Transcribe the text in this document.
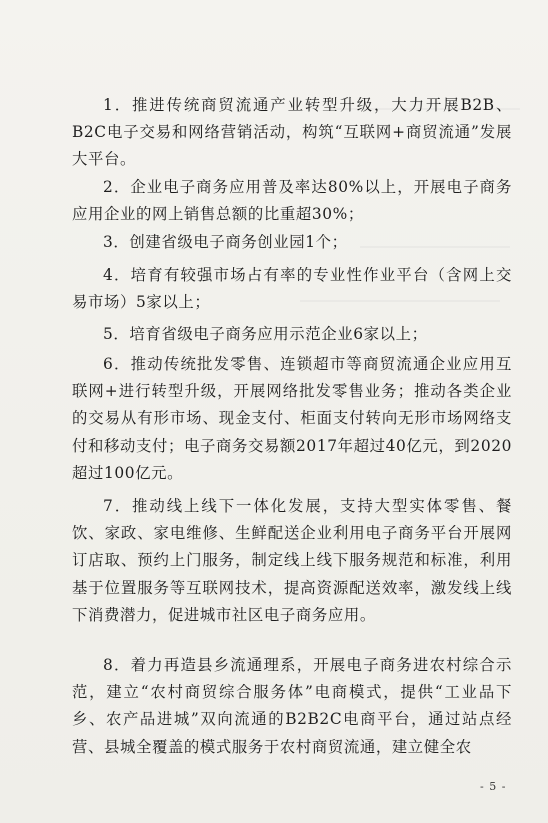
1．推进传统商贸流通产业转型升级，大力开展B2B、B2C电子交易和网络营销活动，构筑“互联网+商贸流通”发展大平台。

2．企业电子商务应用普及率达80%以上，开展电子商务应用企业的网上销售总额的比重超30%；

3．创建省级电子商务创业园1个；

4．培育有较强市场占有率的专业性作业平台（含网上交易市场）5家以上；

5．培育省级电子商务应用示范企业6家以上；

6．推动传统批发零售、连锁超市等商贸流通企业应用互联网+进行转型升级，开展网络批发零售业务；推动各类企业的交易从有形市场、现金支付、柜面支付转向无形市场网络支付和移动支付；电子商务交易额2017年超过40亿元，到2020超过100亿元。

7．推动线上线下一体化发展，支持大型实体零售、餐饮、家政、家电维修、生鲜配送企业利用电子商务平台开展网订店取、预约上门服务，制定线上线下服务规范和标准，利用基于位置服务等互联网技术，提高资源配送效率，激发线上线下消费潜力，促进城市社区电子商务应用。

8．着力再造县乡流通理系，开展电子商务进农村综合示范，建立“农村商贸综合服务体”电商模式，提供“工业品下乡、农产品进城”双向流通的B2B2C电商平台，通过站点经营、县城全覆盖的模式服务于农村商贸流通，建立健全农

- 5 -
